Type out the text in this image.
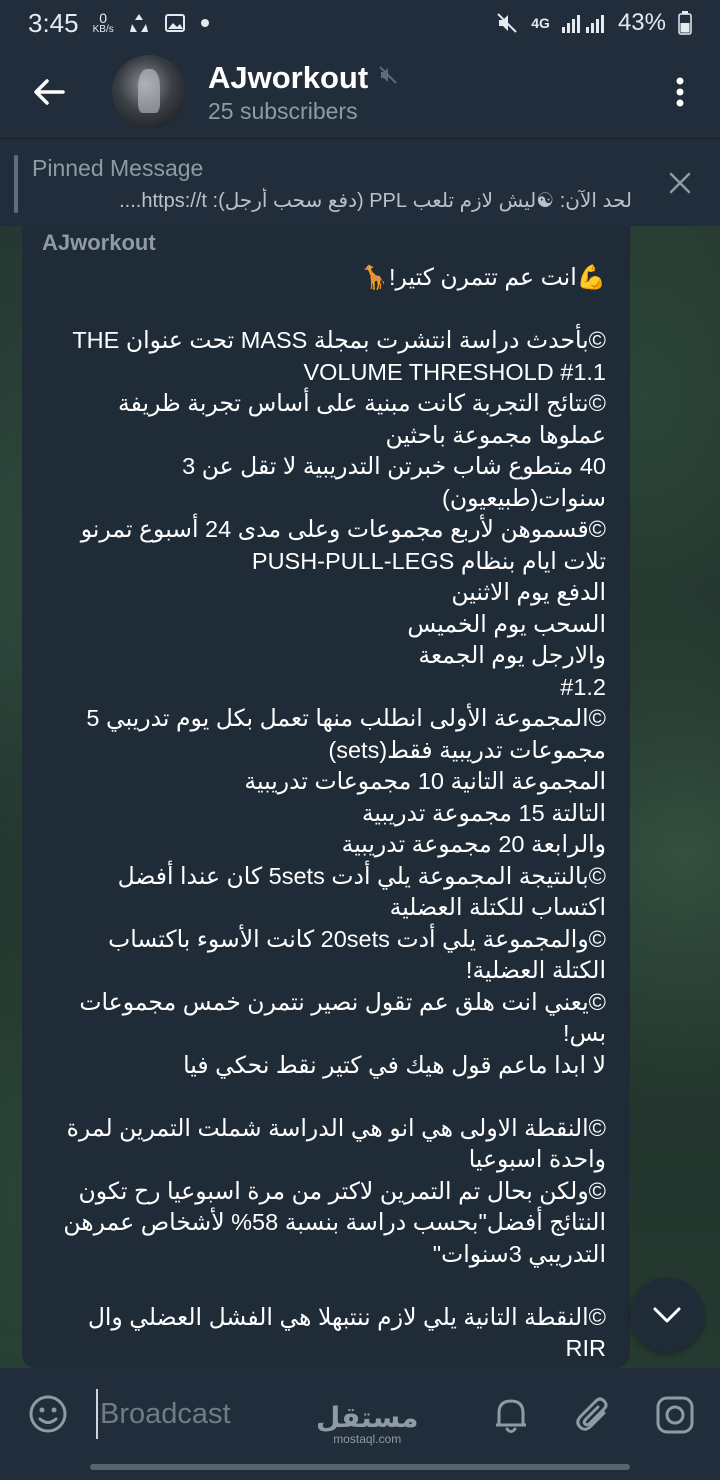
3:45	0
KB/s	4G	43%
AJworkout
25 subscribers
Pinned Message
لحد الآن: ☯ليش لازم تلعب PPL (دفع سحب أرجل): https://t....
AJworkout
💪انت عم تتمرن كتير!🦒
©بأحدث دراسة انتشرت بمجلة MASS تحت عنوان THE
VOLUME THRESHOLD #1.1
©نتائج التجربة كانت مبنية على أساس تجربة ظريفة
عملوها مجموعة باحثين
40 متطوع شاب خبرتن التدريبية لا تقل عن 3
سنوات(طبيعيون)
©قسموهن لأربع مجموعات وعلى مدى 24 أسبوع تمرنو
تلات ايام بنظام PUSH-PULL-LEGS
الدفع يوم الاثنين
السحب يوم الخميس
والارجل يوم الجمعة
#1.2
©المجموعة الأولى انطلب منها تعمل بكل يوم تدريبي 5
مجموعات تدريبية فقط(sets)
المجموعة التانية 10 مجموعات تدريبية
التالتة 15 مجموعة تدريبية
والرابعة 20 مجموعة تدريبية
©بالنتيجة المجموعة يلي أدت 5sets كان عندا أفضل
اكتساب للكتلة العضلية
©والمجموعة يلي أدت 20sets كانت الأسوء باكتساب
الكتلة العضلية!
©يعني انت هلق عم تقول نصير نتمرن خمس مجموعات
بس!
لا ابدا ماعم قول هيك في كتير نقط نحكي فيا
©النقطة الاولى هي انو هي الدراسة شملت التمرين لمرة
واحدة اسبوعيا
©ولكن بحال تم التمرين لاكتر من مرة اسبوعيا رح تكون
النتائج أفضل"بحسب دراسة بنسبة 58% لأشخاص عمرهن
التدريبي 3سنوات"
©النقطة التانية يلي لازم ننتبهلا هي الفشل العضلي وال
RIR
Broadcast
مستقل
mostaql.com
